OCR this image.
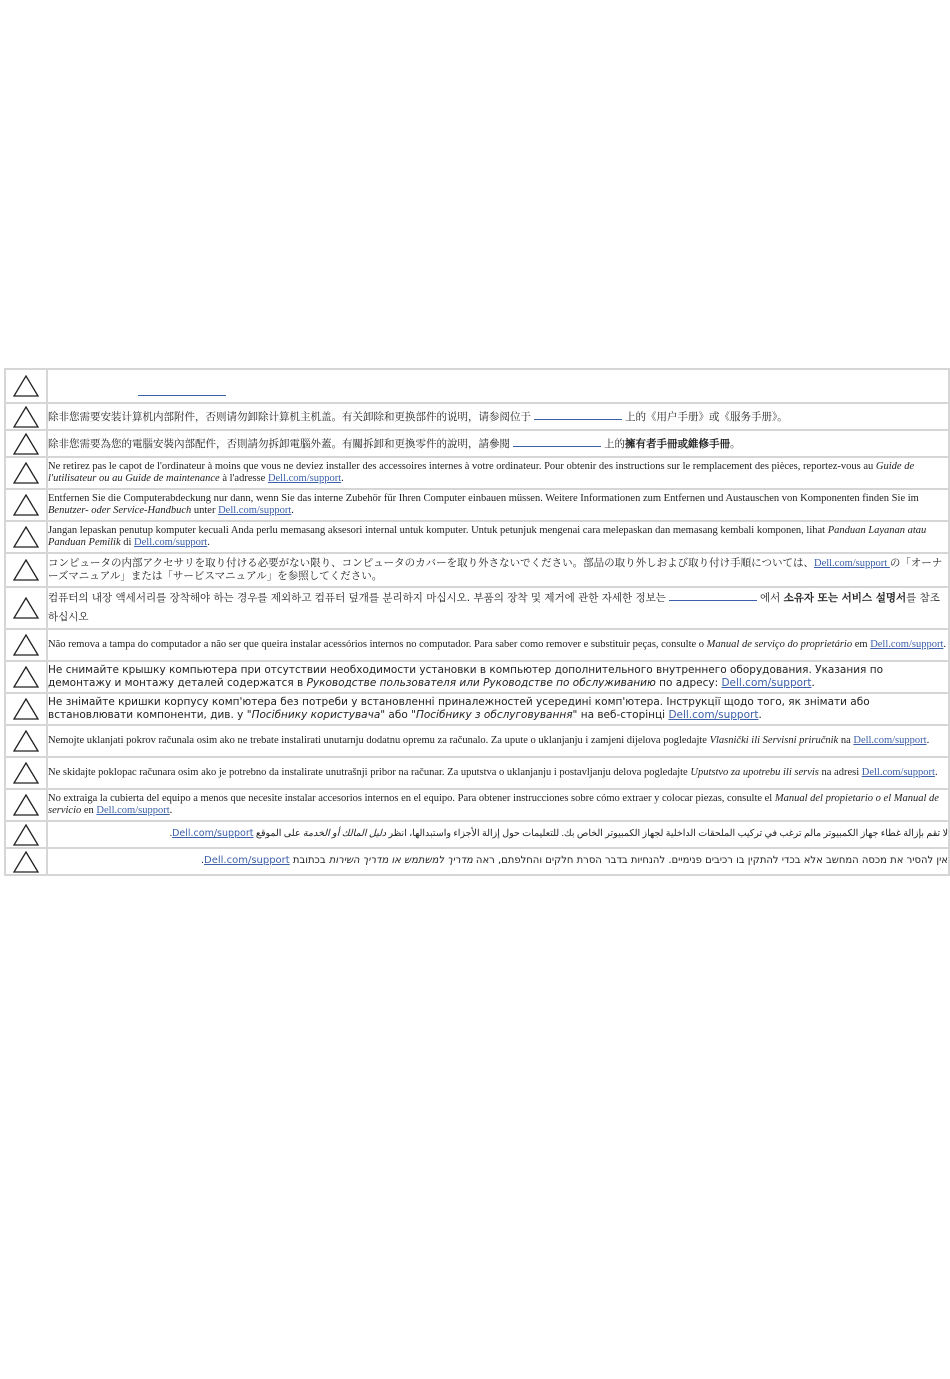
	除非您需要安装计算机内部附件，否则请勿卸除计算机主机盖。有关卸除和更换部件的说明，请参阅位于 上的《用户手册》或《服务手册》。

	除非您需要為您的電腦安裝內部配件，否則請勿拆卸電腦外蓋。有關拆卸和更換零件的說明，請參閱 上的擁有者手冊或維修手冊。

	Ne retirez pas le capot de l'ordinateur à moins que vous ne deviez installer des accessoires internes à votre ordinateur. Pour obtenir des instructions sur le remplacement des pièces, reportez-vous au Guide de l'utilisateur ou au Guide de maintenance à l'adresse Dell.com/support.

	Entfernen Sie die Computerabdeckung nur dann, wenn Sie das interne Zubehör für Ihren Computer einbauen müssen. Weitere Informationen zum Entfernen und Austauschen von Komponenten finden Sie im Benutzer- oder Service-Handbuch unter Dell.com/support.

	Jangan lepaskan penutup komputer kecuali Anda perlu memasang aksesori internal untuk komputer. Untuk petunjuk mengenai cara melepaskan dan memasang kembali komponen, lihat Panduan Layanan atau Panduan Pemilik di Dell.com/support.

	コンピュータの内部アクセサリを取り付ける必要がない限り、コンピュータのカバーを取り外さないでください。部品の取り外しおよび取り付け手順については、Dell.com/support の「オーナーズマニュアル」または「サービスマニュアル」を参照してください。

	컴퓨터의 내장 액세서리를 장착해야 하는 경우를 제외하고 컴퓨터 덮개를 분리하지 마십시오. 부품의 장착 및 제거에 관한 자세한 정보는 에서 소유자 또는 서비스 설명서를 참조하십시오

	Não remova a tampa do computador a não ser que queira instalar acessórios internos no computador. Para saber como remover e substituir peças, consulte o Manual de serviço do proprietário em Dell.com/support.

	Не снимайте крышку компьютера при отсутствии необходимости установки в компьютер дополнительного внутреннего оборудования. Указания по демонтажу и монтажу деталей содержатся в Руководстве пользователя или Руководстве по обслуживанию по адресу: Dell.com/support.

	Не знімайте кришки корпусу комп'ютера без потреби у встановленні приналежностей усередині комп'ютера. Інструкції щодо того, як знімати або встановлювати компоненти, див. у "Посібнику користувача" або "Посібнику з обслуговування" на веб-сторінці Dell.com/support.

	Nemojte uklanjati pokrov računala osim ako ne trebate instalirati unutarnju dodatnu opremu za računalo. Za upute o uklanjanju i zamjeni dijelova pogledajte Vlasnički ili Servisni priručnik na Dell.com/support.

	Ne skidajte poklopac računara osim ako je potrebno da instalirate unutrašnji pribor na računar. Za uputstva o uklanjanju i postavljanju delova pogledajte Uputstvo za upotrebu ili servis na adresi Dell.com/support.

	No extraiga la cubierta del equipo a menos que necesite instalar accesorios internos en el equipo. Para obtener instrucciones sobre cómo extraer y colocar piezas, consulte el Manual del propietario o el Manual de servicio en Dell.com/support.

	لا تقم بإزالة غطاء جهاز الكمبيوتر مالم ترغب في تركيب الملحقات الداخلية لجهاز الكمبيوتر الخاص بك. للتعليمات حول إزالة الأجزاء واستبدالها، انظر دليل المالك أو الخدمة على الموقع Dell.com/support.

	אין להסיר את מכסה המחשב אלא בכדי להתקין בו רכיבים פנימיים. להנחיות בדבר הסרת חלקים והחלפתם, ראה מדריך למשתמש או מדריך השירות בכתובת Dell.com/support.
